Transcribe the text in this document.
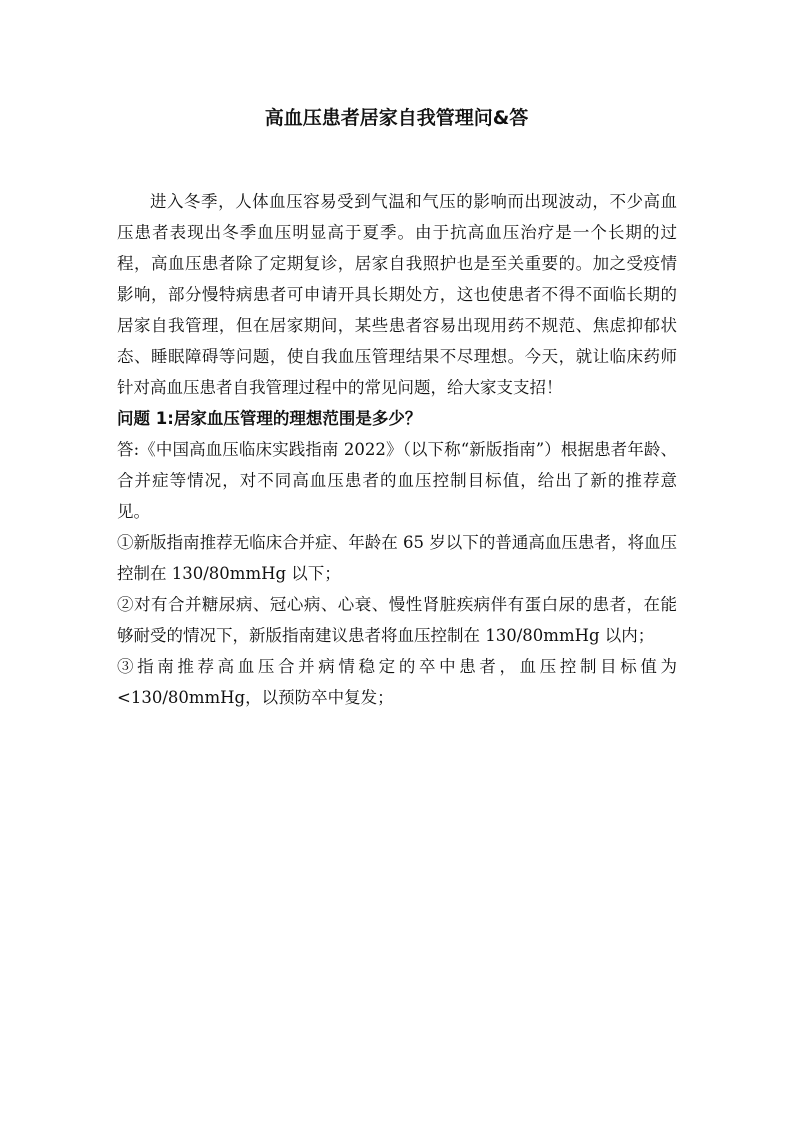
高血压患者居家自我管理问&答

进入冬季，人体血压容易受到气温和气压的影响而出现波动，不少高血压患者表现出冬季血压明显高于夏季。由于抗高血压治疗是一个长期的过程，高血压患者除了定期复诊，居家自我照护也是至关重要的。加之受疫情影响，部分慢特病患者可申请开具长期处方，这也使患者不得不面临长期的居家自我管理，但在居家期间，某些患者容易出现用药不规范、焦虑抑郁状态、睡眠障碍等问题，使自我血压管理结果不尽理想。今天，就让临床药师针对高血压患者自我管理过程中的常见问题，给大家支支招！

问题 1:居家血压管理的理想范围是多少？

答:《中国高血压临床实践指南 2022》（以下称“新版指南”）根据患者年龄、合并症等情况，对不同高血压患者的血压控制目标值，给出了新的推荐意见。

①新版指南推荐无临床合并症、年龄在 65 岁以下的普通高血压患者，将血压控制在 130/80mmHg 以下；

②对有合并糖尿病、冠心病、心衰、慢性肾脏疾病伴有蛋白尿的患者，在能够耐受的情况下，新版指南建议患者将血压控制在 130/80mmHg 以内；

③指南推荐高血压合并病情稳定的卒中患者，血压控制目标值为<130/80mmHg，以预防卒中复发；
